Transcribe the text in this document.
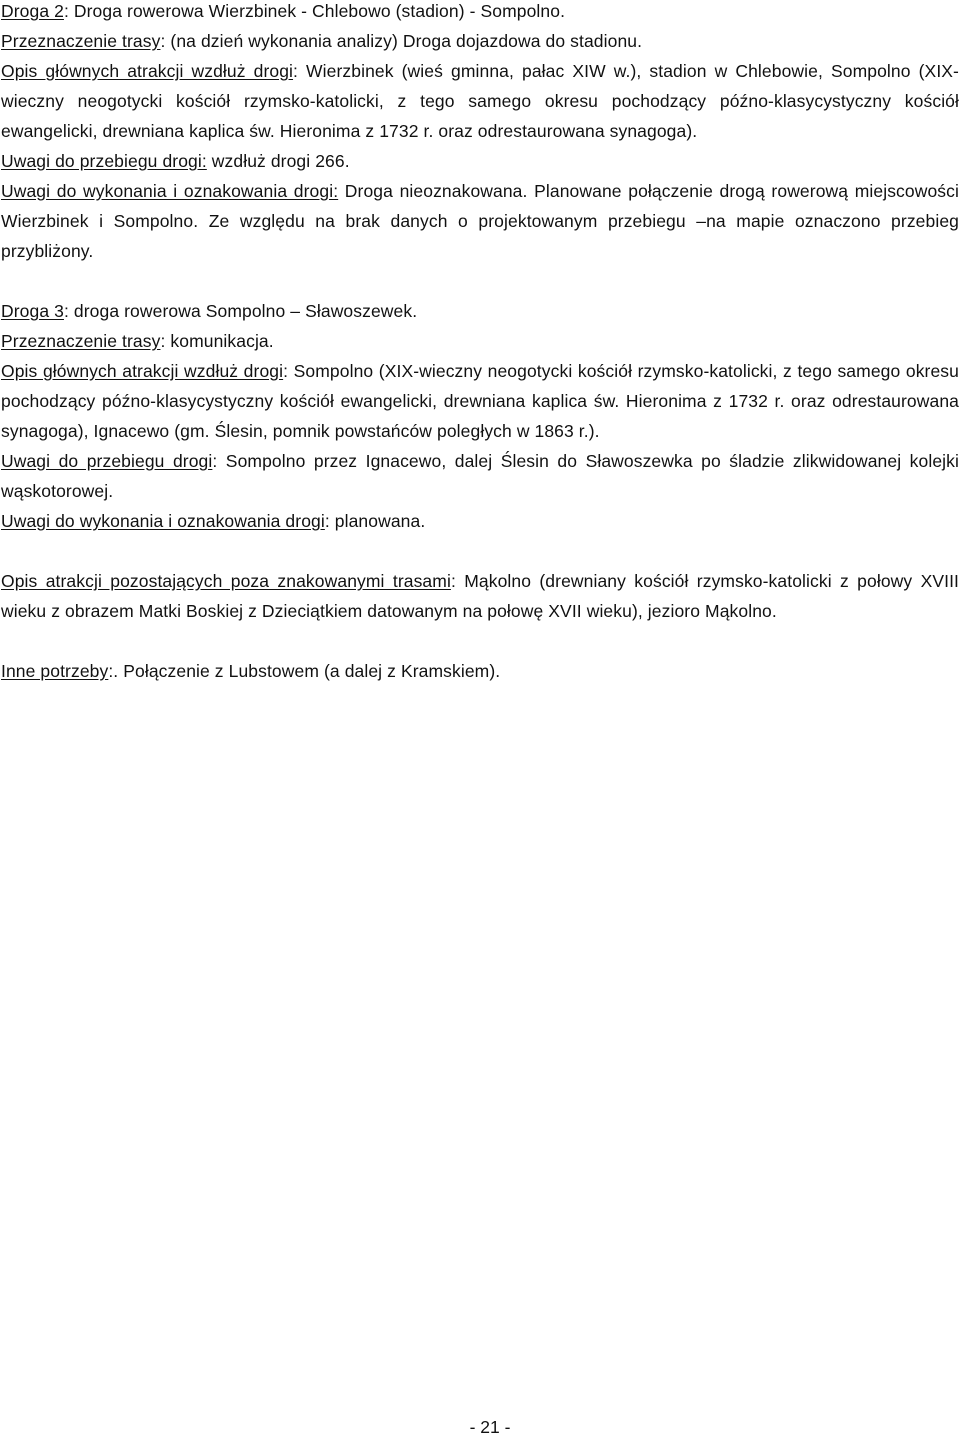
Droga 2: Droga rowerowa Wierzbinek - Chlebowo (stadion) - Sompolno.

Przeznaczenie trasy: (na dzień wykonania analizy) Droga dojazdowa do stadionu.

Opis głównych atrakcji wzdłuż drogi: Wierzbinek (wieś gminna, pałac XIW w.), stadion w Chlebowie, Sompolno (XIX-wieczny neogotycki kościół rzymsko-katolicki, z tego samego okresu pochodzący późno-klasycystyczny kościół ewangelicki, drewniana kaplica św. Hieronima z 1732 r. oraz odrestaurowana synagoga).

Uwagi do przebiegu drogi: wzdłuż drogi 266.

Uwagi do wykonania i oznakowania drogi: Droga nieoznakowana. Planowane połączenie drogą rowerową miejscowości Wierzbinek i Sompolno. Ze względu na brak danych o projektowanym przebiegu –na mapie oznaczono przebieg przybliżony.

Droga 3: droga rowerowa Sompolno – Sławoszewek.

Przeznaczenie trasy: komunikacja.

Opis głównych atrakcji wzdłuż drogi: Sompolno (XIX-wieczny neogotycki kościół rzymsko-katolicki, z tego samego okresu pochodzący późno-klasycystyczny kościół ewangelicki, drewniana kaplica św. Hieronima z 1732 r. oraz odrestaurowana synagoga), Ignacewo (gm. Ślesin, pomnik powstańców poległych w 1863 r.).

Uwagi do przebiegu drogi: Sompolno przez Ignacewo, dalej Ślesin do Sławoszewka po śladzie zlikwidowanej kolejki wąskotorowej.

Uwagi do wykonania i oznakowania drogi: planowana.

Opis atrakcji pozostających poza znakowanymi trasami: Mąkolno (drewniany kościół rzymsko-katolicki z połowy XVIII wieku z obrazem Matki Boskiej z Dzieciątkiem datowanym na połowę XVII wieku), jezioro Mąkolno.

Inne potrzeby:. Połączenie z Lubstowem (a dalej z Kramskiem).

- 21 -
